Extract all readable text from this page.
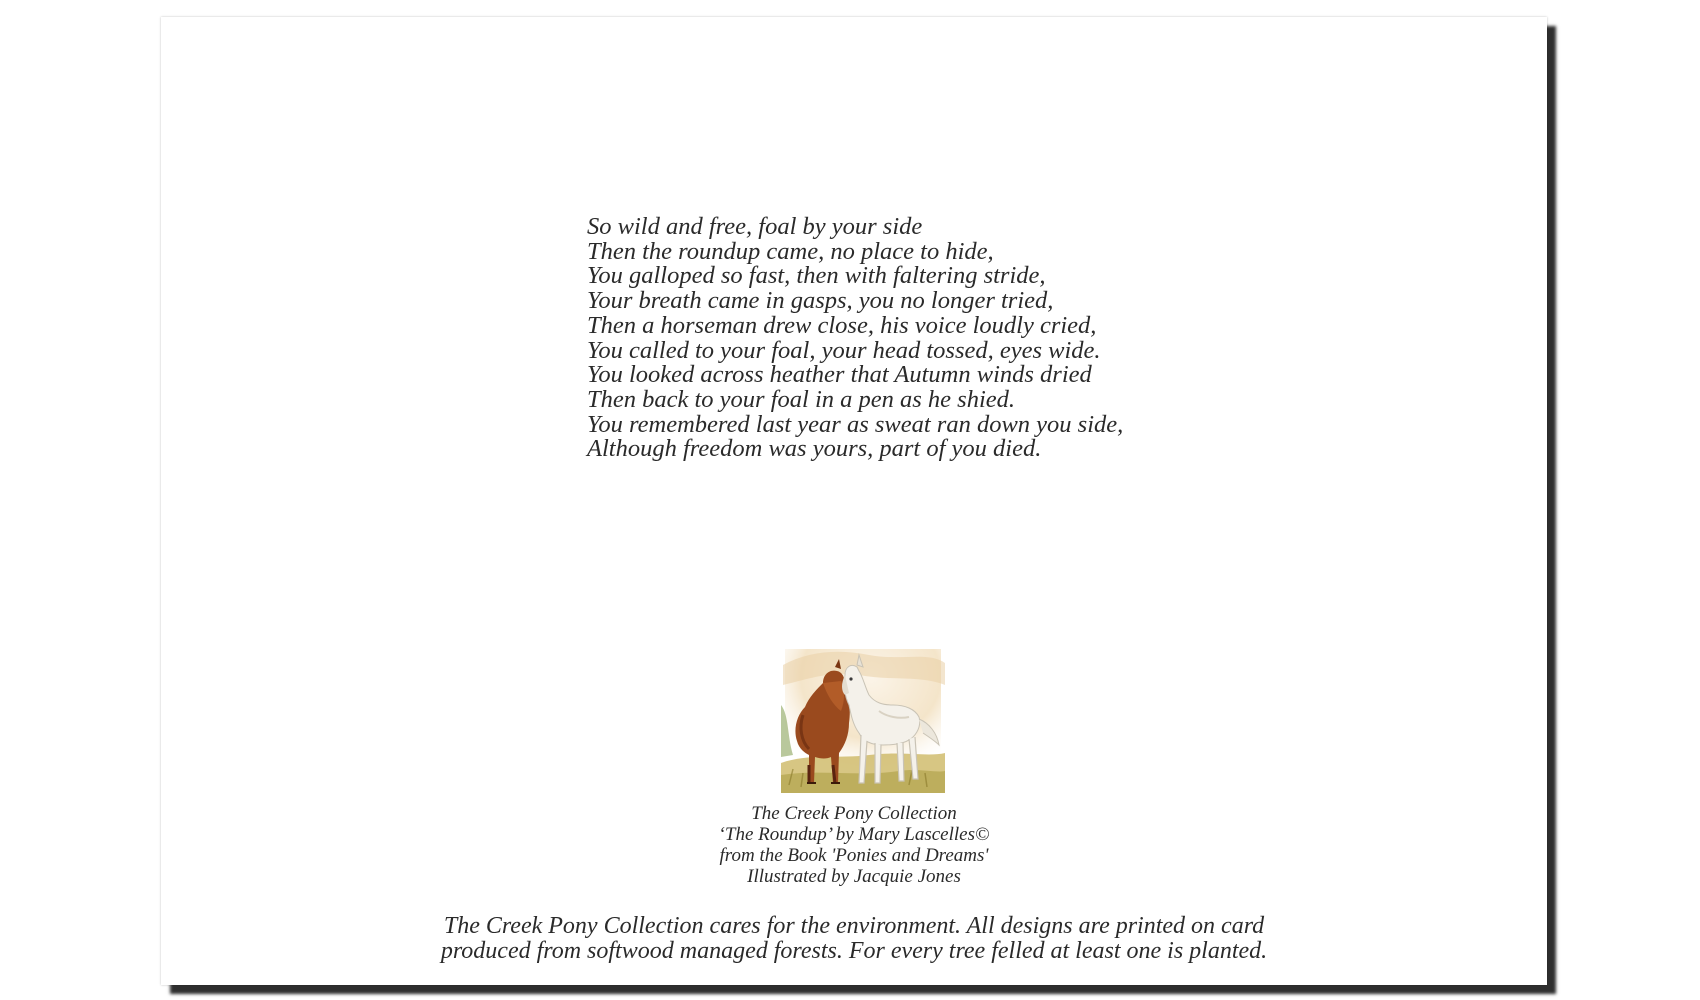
So wild and free, foal by your side
Then the roundup came, no place to hide,
You galloped so fast, then with faltering stride,
Your breath came in gasps, you no longer tried,
Then a horseman drew close, his voice loudly cried,
You called to your foal, your head tossed, eyes wide.
You looked across heather that Autumn winds dried
Then back to your foal in a pen as he shied.
You remembered last year as sweat ran down you side,
Although freedom was yours, part of you died.
The Creek Pony Collection
‘The Roundup’ by Mary Lascelles©
from the Book 'Ponies and Dreams'
Illustrated by Jacquie Jones
The Creek Pony Collection cares for the environment. All designs are printed on card
produced from softwood managed forests. For every tree felled at least one is planted.
